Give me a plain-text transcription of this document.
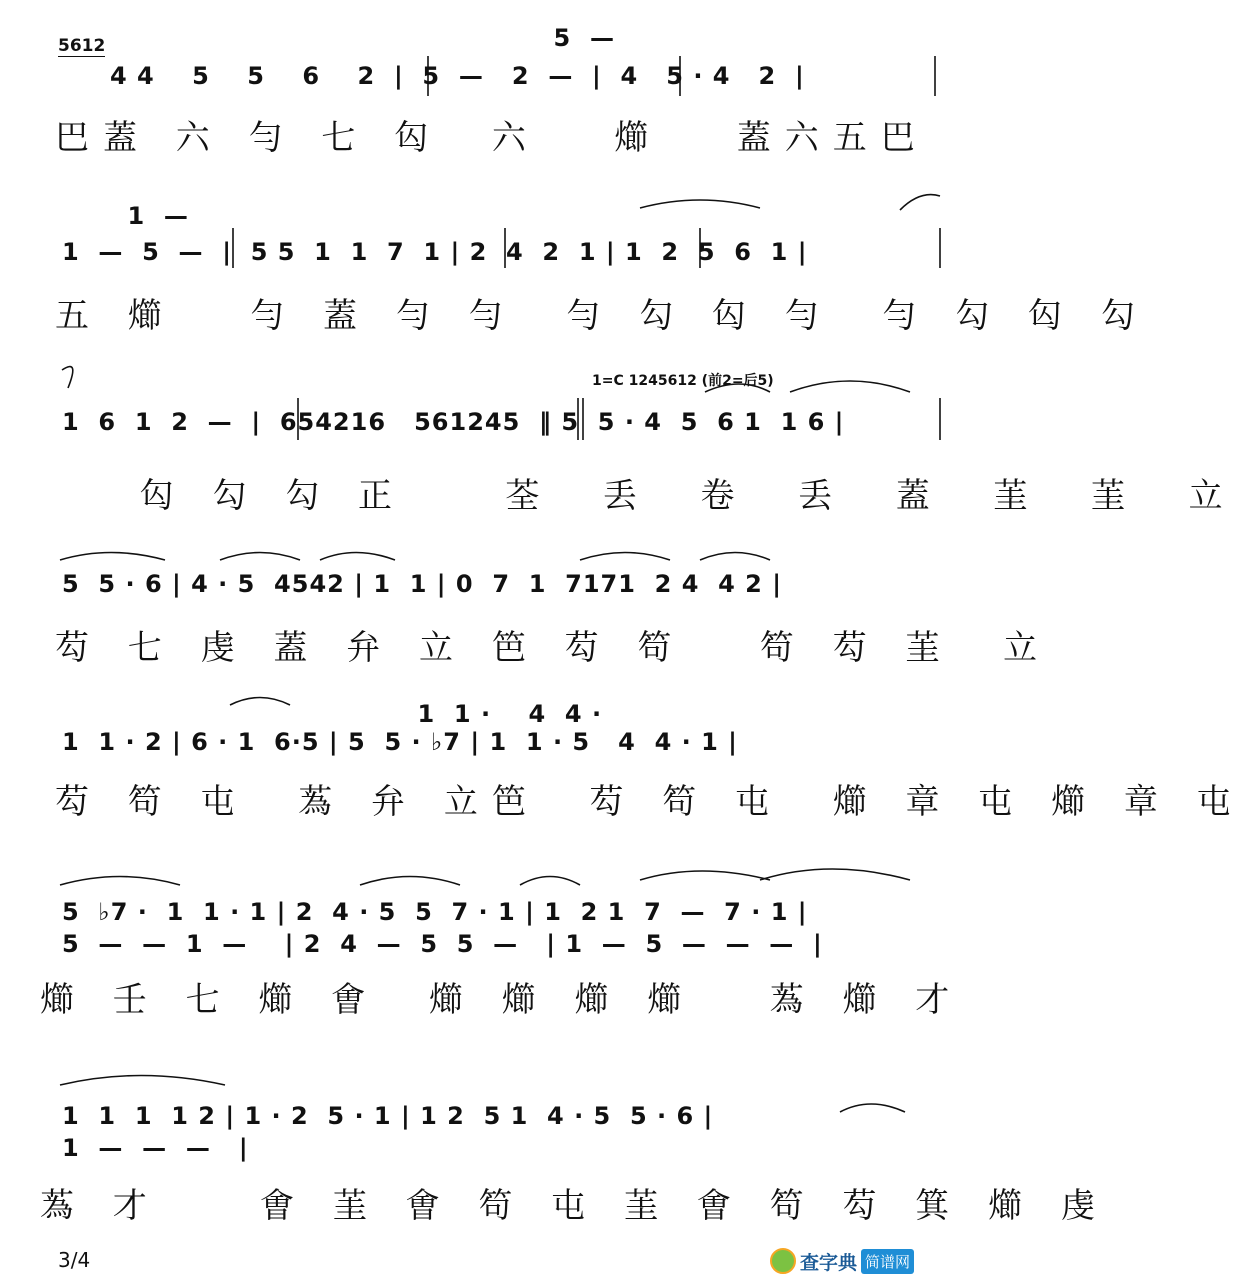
5612	5  —
4 4    5    5    6    2  |  5  —   2  —  |  4   5 · 4   2  |
巴蓋 六 勻 七 匃  六   㸅   蓋六五巴
1  —
1  —  5  —  |  5 5  1  1  7  1 | 2  4  2  1 | 1  2  5  6  1 |
五 㸅   勻 蓋 勻 勻  勻 勾 匃 勻  勻 勾 匃 勾
1=C 1245612 (前2=后5)
1  6  1  2  —  |  654216   561245  ‖ 5  5 · 4  5  6 1  1 6 |
匃 勾 勾 正    荃  丢  卷  丢  蓋  茥  茥  立
5  5 · 6 | 4 · 5  4542 | 1  1 | 0  7  1  7171  2 4  4 2 |
芶 七 虔 蓋 弁 立 笆 芶 笱   笱 芶 茥  立
1  1 ·    4  4 ·
1  1 · 2 | 6 · 1  6·5 | 5  5 · ♭7 | 1  1 · 5   4  4 · 1 |
芶 笱 屯  蒍 弁 立笆  芶 笱 屯  㸅 章 屯 㸅 章 屯
5  ♭7 ·  1  1 · 1 | 2  4 · 5  5  7 · 1 | 1  2 1  7  —  7 · 1 |
5  —  —  1  —    | 2  4  —  5  5  —   | 1  —  5  —  —  —  |
㸅 壬 七 㸅 㑹  㸅 㸅 㸅 㸅   蒍 㸅 才
1  1  1  1 2 | 1 · 2  5 · 1 | 1 2  5 1  4 · 5  5 · 6 |
1  —  —  —   |
蒍 才    㑹 茥 㑹 笱 屯 茥 㑹 笱 芶 箕 㸅 虔
3/4	查字典 简谱网
